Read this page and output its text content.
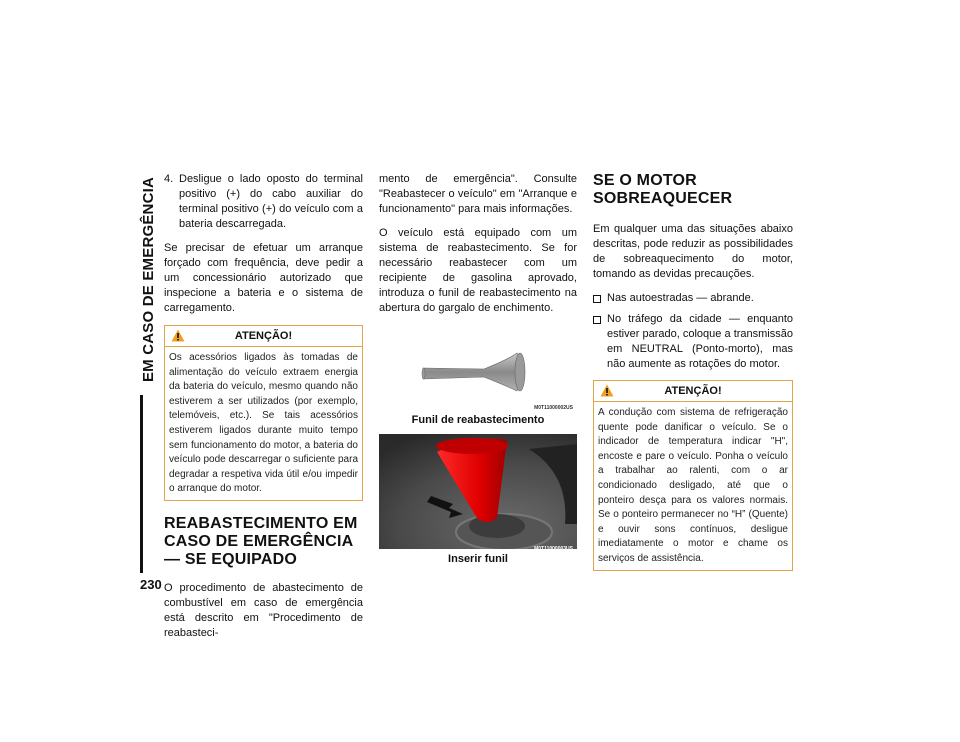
EM CASO DE EMERGÊNCIA
230
4. Desligue o lado oposto do terminal positivo (+) do cabo auxiliar do terminal positivo (+) do veículo com a bateria descarregada.

Se precisar de efetuar um arranque forçado com frequência, deve pedir a um concessionário autorizado que inspecione a bateria e o sistema de carregamento.

ATENÇÃO!
Os acessórios ligados às tomadas de alimentação do veículo extraem energia da bateria do veículo, mesmo quando não estiverem a ser utilizados (por exemplo, telemóveis, etc.). Se tais acessórios estiverem ligados durante muito tempo sem funcionamento do motor, a bateria do veículo pode descarregar o suficiente para degradar a respetiva vida útil e/ou impedir o arranque do motor.
REABASTECIMENTO EM CASO DE EMERGÊNCIA — SE EQUIPADO

O procedimento de abastecimento de combustível em caso de emergência está descrito em "Procedimento de reabasteci-

mento de emergência". Consulte "Reabastecer o veículo" em "Arranque e funcionamento" para mais informações.

O veículo está equipado com um sistema de reabastecimento. Se for necessário reabastecer com um recipiente de gasolina aprovado, introduza o funil de reabastecimento na abertura do gargalo de enchimento.

M0T11000002US
Funil de reabastecimento
M0T11000003US
Inserir funil
SE O MOTOR SOBREAQUECER

Em qualquer uma das situações abaixo descritas, pode reduzir as possibilidades de sobreaquecimento do motor, tomando as devidas precauções.

Nas autoestradas — abrande.
No tráfego da cidade — enquanto estiver parado, coloque a transmissão em NEUTRAL (Ponto-morto), mas não aumente as rotações do motor.
ATENÇÃO!
A condução com sistema de refrigeração quente pode danificar o veículo. Se o indicador de temperatura indicar "H", encoste e pare o veículo. Ponha o veículo a trabalhar ao ralenti, com o ar condicionado desligado, até que o ponteiro desça para os valores normais. Se o ponteiro permanecer no “H” (Quente) e ouvir sons contínuos, desligue imediatamente o motor e chame os serviços de assistência.
